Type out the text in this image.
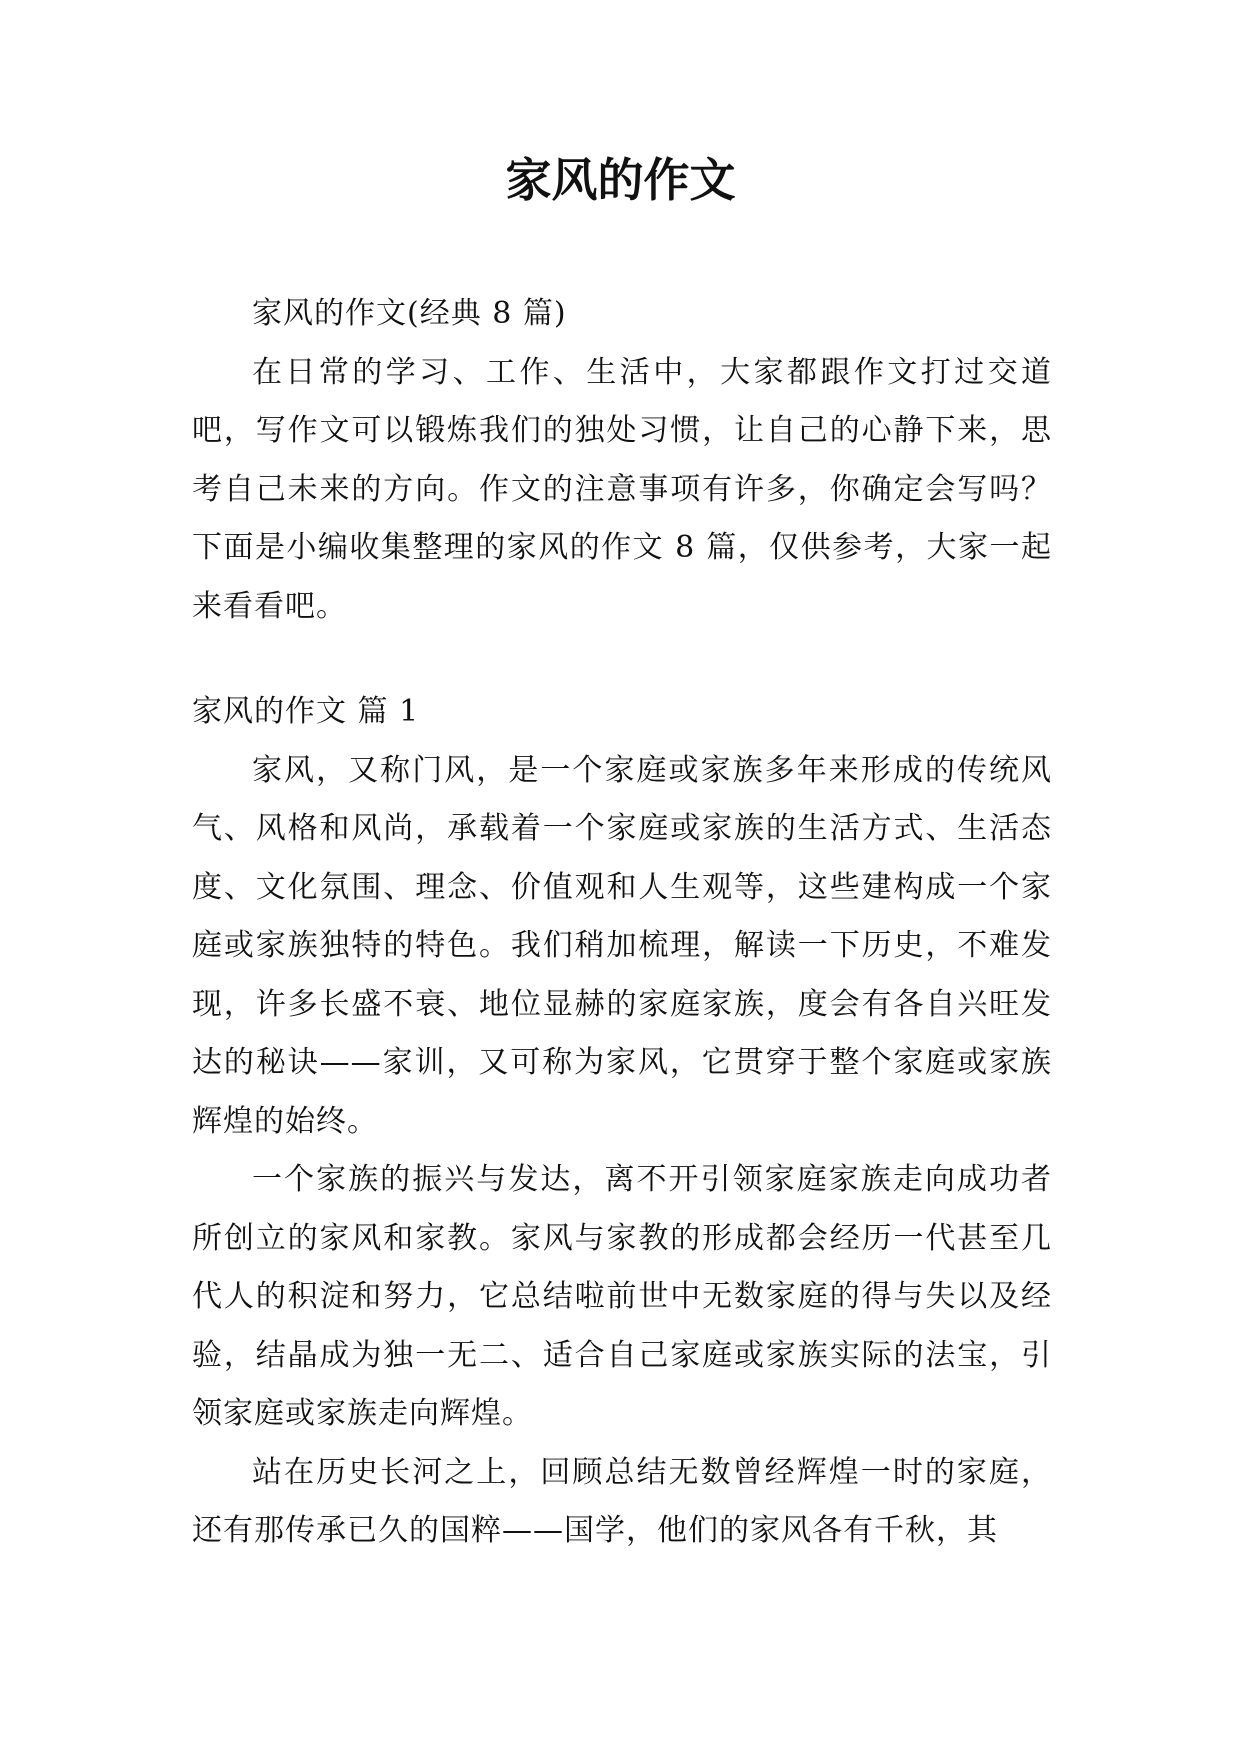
家风的作文

家风的作文(经典 8 篇)

在日常的学习、工作、生活中，大家都跟作文打过交道吧，写作文可以锻炼我们的独处习惯，让自己的心静下来，思考自己未来的方向。作文的注意事项有许多，你确定会写吗？下面是小编收集整理的家风的作文 8 篇，仅供参考，大家一起来看看吧。

家风的作文 篇 1

家风，又称门风，是一个家庭或家族多年来形成的传统风气、风格和风尚，承载着一个家庭或家族的生活方式、生活态度、文化氛围、理念、价值观和人生观等，这些建构成一个家庭或家族独特的特色。我们稍加梳理，解读一下历史，不难发现，许多长盛不衰、地位显赫的家庭家族，度会有各自兴旺发达的秘诀——家训，又可称为家风，它贯穿于整个家庭或家族辉煌的始终。

一个家族的振兴与发达，离不开引领家庭家族走向成功者所创立的家风和家教。家风与家教的形成都会经历一代甚至几代人的积淀和努力，它总结啦前世中无数家庭的得与失以及经验，结晶成为独一无二、适合自己家庭或家族实际的法宝，引领家庭或家族走向辉煌。

站在历史长河之上，回顾总结无数曾经辉煌一时的家庭，还有那传承已久的国粹——国学，他们的家风各有千秋，其
